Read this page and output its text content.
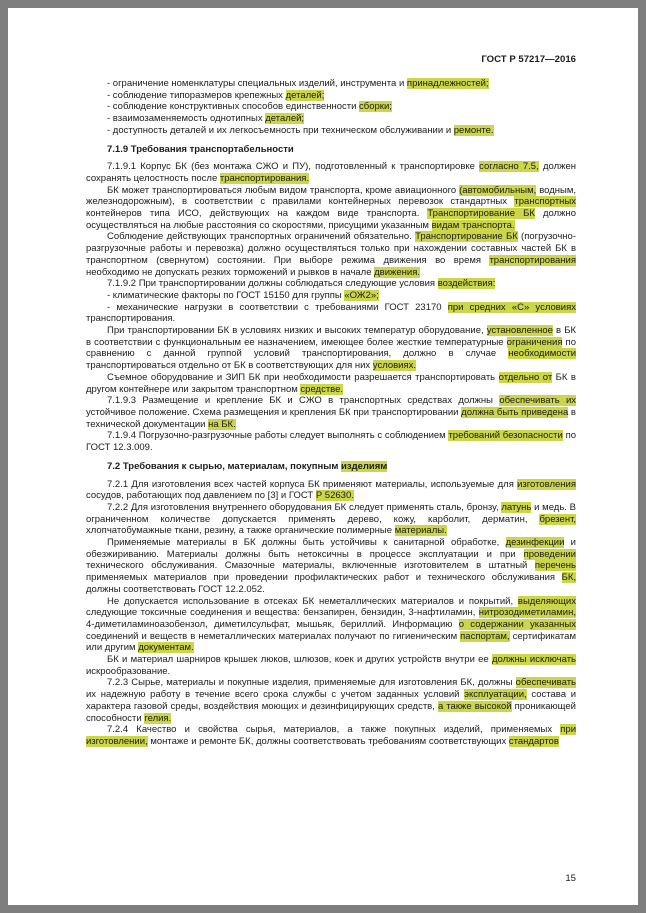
ГОСТ Р 57217—2016
- ограничение номенклатуры специальных изделий, инструмента и принадлежностей;
- соблюдение типоразмеров крепежных деталей;
- соблюдение конструктивных способов единственности сборки;
- взаимозаменяемость однотипных деталей;
- доступность деталей и их легкосъемность при техническом обслуживании и ремонте.
7.1.9 Требования транспортабельности
7.1.9.1 Корпус БК (без монтажа СЖО и ПУ), подготовленный к транспортировке согласно 7.5, должен сохранять целостность после транспортирования.
БК может транспортироваться любым видом транспорта, кроме авиационного (автомобильным, водным, железнодорожным), в соответствии с правилами контейнерных перевозок стандартных транспортных контейнеров типа ИСО, действующих на каждом виде транспорта. Транспортирование БК должно осуществляться на любые расстояния со скоростями, присущими указанным видам транспорта.
Соблюдение действующих транспортных ограничений обязательно. Транспортирование БК (погрузочно-разгрузочные работы и перевозка) должно осуществляться только при нахождении составных частей БК в транспортном (свернутом) состоянии. При выборе режима движения во время транспортирования необходимо не допускать резких торможений и рывков в начале движения.
7.1.9.2 При транспортировании должны соблюдаться следующие условия воздействия:
- климатические факторы по ГОСТ 15150 для группы «ОЖ2»;
- механические нагрузки в соответствии с требованиями ГОСТ 23170 при средних «С» условиях транспортирования.
При транспортировании БК в условиях низких и высоких температур оборудование, установленное в БК в соответствии с функциональным ее назначением, имеющее более жесткие температурные ограничения по сравнению с данной группой условий транспортирования, должно в случае необходимости транспортироваться отдельно от БК в соответствующих для них условиях.
Съемное оборудование и ЗИП БК при необходимости разрешается транспортировать отдельно от БК в другом контейнере или закрытом транспортном средстве.
7.1.9.3 Размещение и крепление БК и СЖО в транспортных средствах должны обеспечивать их устойчивое положение. Схема размещения и крепления БК при транспортировании должна быть приведена в технической документации на БК.
7.1.9.4 Погрузочно-разгрузочные работы следует выполнять с соблюдением требований безопасности по ГОСТ 12.3.009.
7.2 Требования к сырью, материалам, покупным изделиям
7.2.1 Для изготовления всех частей корпуса БК применяют материалы, используемые для изготовления сосудов, работающих под давлением по [3] и ГОСТ Р 52630.
7.2.2 Для изготовления внутреннего оборудования БК следует применять сталь, бронзу, латунь и медь. В ограниченном количестве допускается применять дерево, кожу, карболит, дерматин, брезент, хлопчатобумажные ткани, резину, а также органические полимерные материалы.
Применяемые материалы в БК должны быть устойчивы к санитарной обработке, дезинфекции и обезжириванию. Материалы должны быть нетоксичны в процессе эксплуатации и при проведении технического обслуживания. Смазочные материалы, включенные изготовителем в штатный перечень применяемых материалов при проведении профилактических работ и технического обслуживания БК, должны соответствовать ГОСТ 12.2.052.
Не допускается использование в отсеках БК неметаллических материалов и покрытий, выделяющих следующие токсичные соединения и вещества: бензапирен, бензидин, 3-нафтиламин, нитрозодиметиламин, 4-диметиламиноазобензол, диметилсульфат, мышьяк, бериллий. Информацию о содержании указанных соединений и веществ в неметаллических материалах получают по гигиеническим паспортам, сертификатам или другим документам.
БК и материал шарниров крышек люков, шлюзов, коек и других устройств внутри ее должны исключать искрообразование.
7.2.3 Сырье, материалы и покупные изделия, применяемые для изготовления БК, должны обеспечивать их надежную работу в течение всего срока службы с учетом заданных условий эксплуатации, состава и характера газовой среды, воздействия моющих и дезинфицирующих средств, а также высокой проникающей способности гелия.
7.2.4 Качество и свойства сырья, материалов, а также покупных изделий, применяемых при изготовлении, монтаже и ремонте БК, должны соответствовать требованиям соответствующих стандартов
15
